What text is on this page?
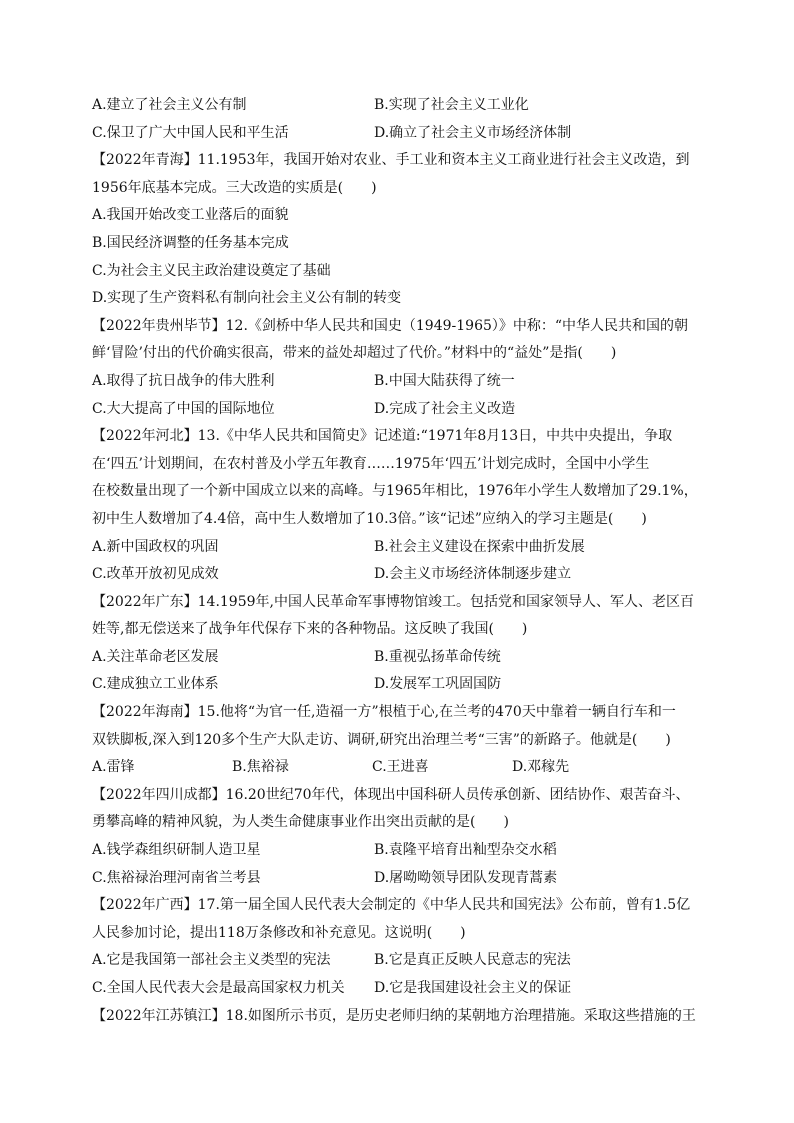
A.建立了社会主义公有制	B.实现了社会主义工业化
C.保卫了广大中国人民和平生活	D.确立了社会主义市场经济体制
【2022年青海】11.1953年，我国开始对农业、手工业和资本主义工商业进行社会主义改造，到
1956年底基本完成。三大改造的实质是(　　)
A.我国开始改变工业落后的面貌
B.国民经济调整的任务基本完成
C.为社会主义民主政治建设奠定了基础
D.实现了生产资料私有制向社会主义公有制的转变
【2022年贵州毕节】12.《剑桥中华人民共和国史（1949-1965）》中称：“中华人民共和国的朝
鲜‘冒险’付出的代价确实很高，带来的益处却超过了代价。”材料中的“益处”是指(　　)
A.取得了抗日战争的伟大胜利	B.中国大陆获得了统一
C.大大提高了中国的国际地位	D.完成了社会主义改造
【2022年河北】13.《中华人民共和国简史》记述道:“1971年8月13日，中共中央提出，争取
在‘四五’计划期间，在农村普及小学五年教育……1975年‘四五’计划完成时，全国中小学生
在校数量出现了一个新中国成立以来的高峰。与1965年相比，1976年小学生人数增加了29.1%，
初中生人数增加了4.4倍，高中生人数增加了10.3倍。”该“记述”应纳入的学习主题是(　　)
A.新中国政权的巩固	B.社会主义建设在探索中曲折发展
C.改革开放初见成效	D.会主义市场经济体制逐步建立
【2022年广东】14.1959年,中国人民革命军事博物馆竣工。包括党和国家领导人、军人、老区百
姓等,都无偿送来了战争年代保存下来的各种物品。这反映了我国(　　)
A.关注革命老区发展	B.重视弘扬革命传统
C.建成独立工业体系	D.发展军工巩固国防
【2022年海南】15.他将“为官一任,造福一方”根植于心,在兰考的470天中靠着一辆自行车和一
双铁脚板,深入到120多个生产大队走访、调研,研究出治理兰考“三害”的新路子。他就是(　　)
A.雷锋	B.焦裕禄	C.王进喜	D.邓稼先
【2022年四川成都】16.20世纪70年代，体现出中国科研人员传承创新、团结协作、艰苦奋斗、
勇攀高峰的精神风貌，为人类生命健康事业作出突出贡献的是(　　)
A.钱学森组织研制人造卫星	B.袁隆平培育出籼型杂交水稻
C.焦裕禄治理河南省兰考县	D.屠呦呦领导团队发现青蒿素
【2022年广西】17.第一届全国人民代表大会制定的《中华人民共和国宪法》公布前，曾有1.5亿
人民参加讨论，提出118万条修改和补充意见。这说明(　　)
A.它是我国第一部社会主义类型的宪法	B.它是真正反映人民意志的宪法
C.全国人民代表大会是最高国家权力机关	D.它是我国建设社会主义的保证
【2022年江苏镇江】18.如图所示书页，是历史老师归纳的某朝地方治理措施。采取这些措施的王
